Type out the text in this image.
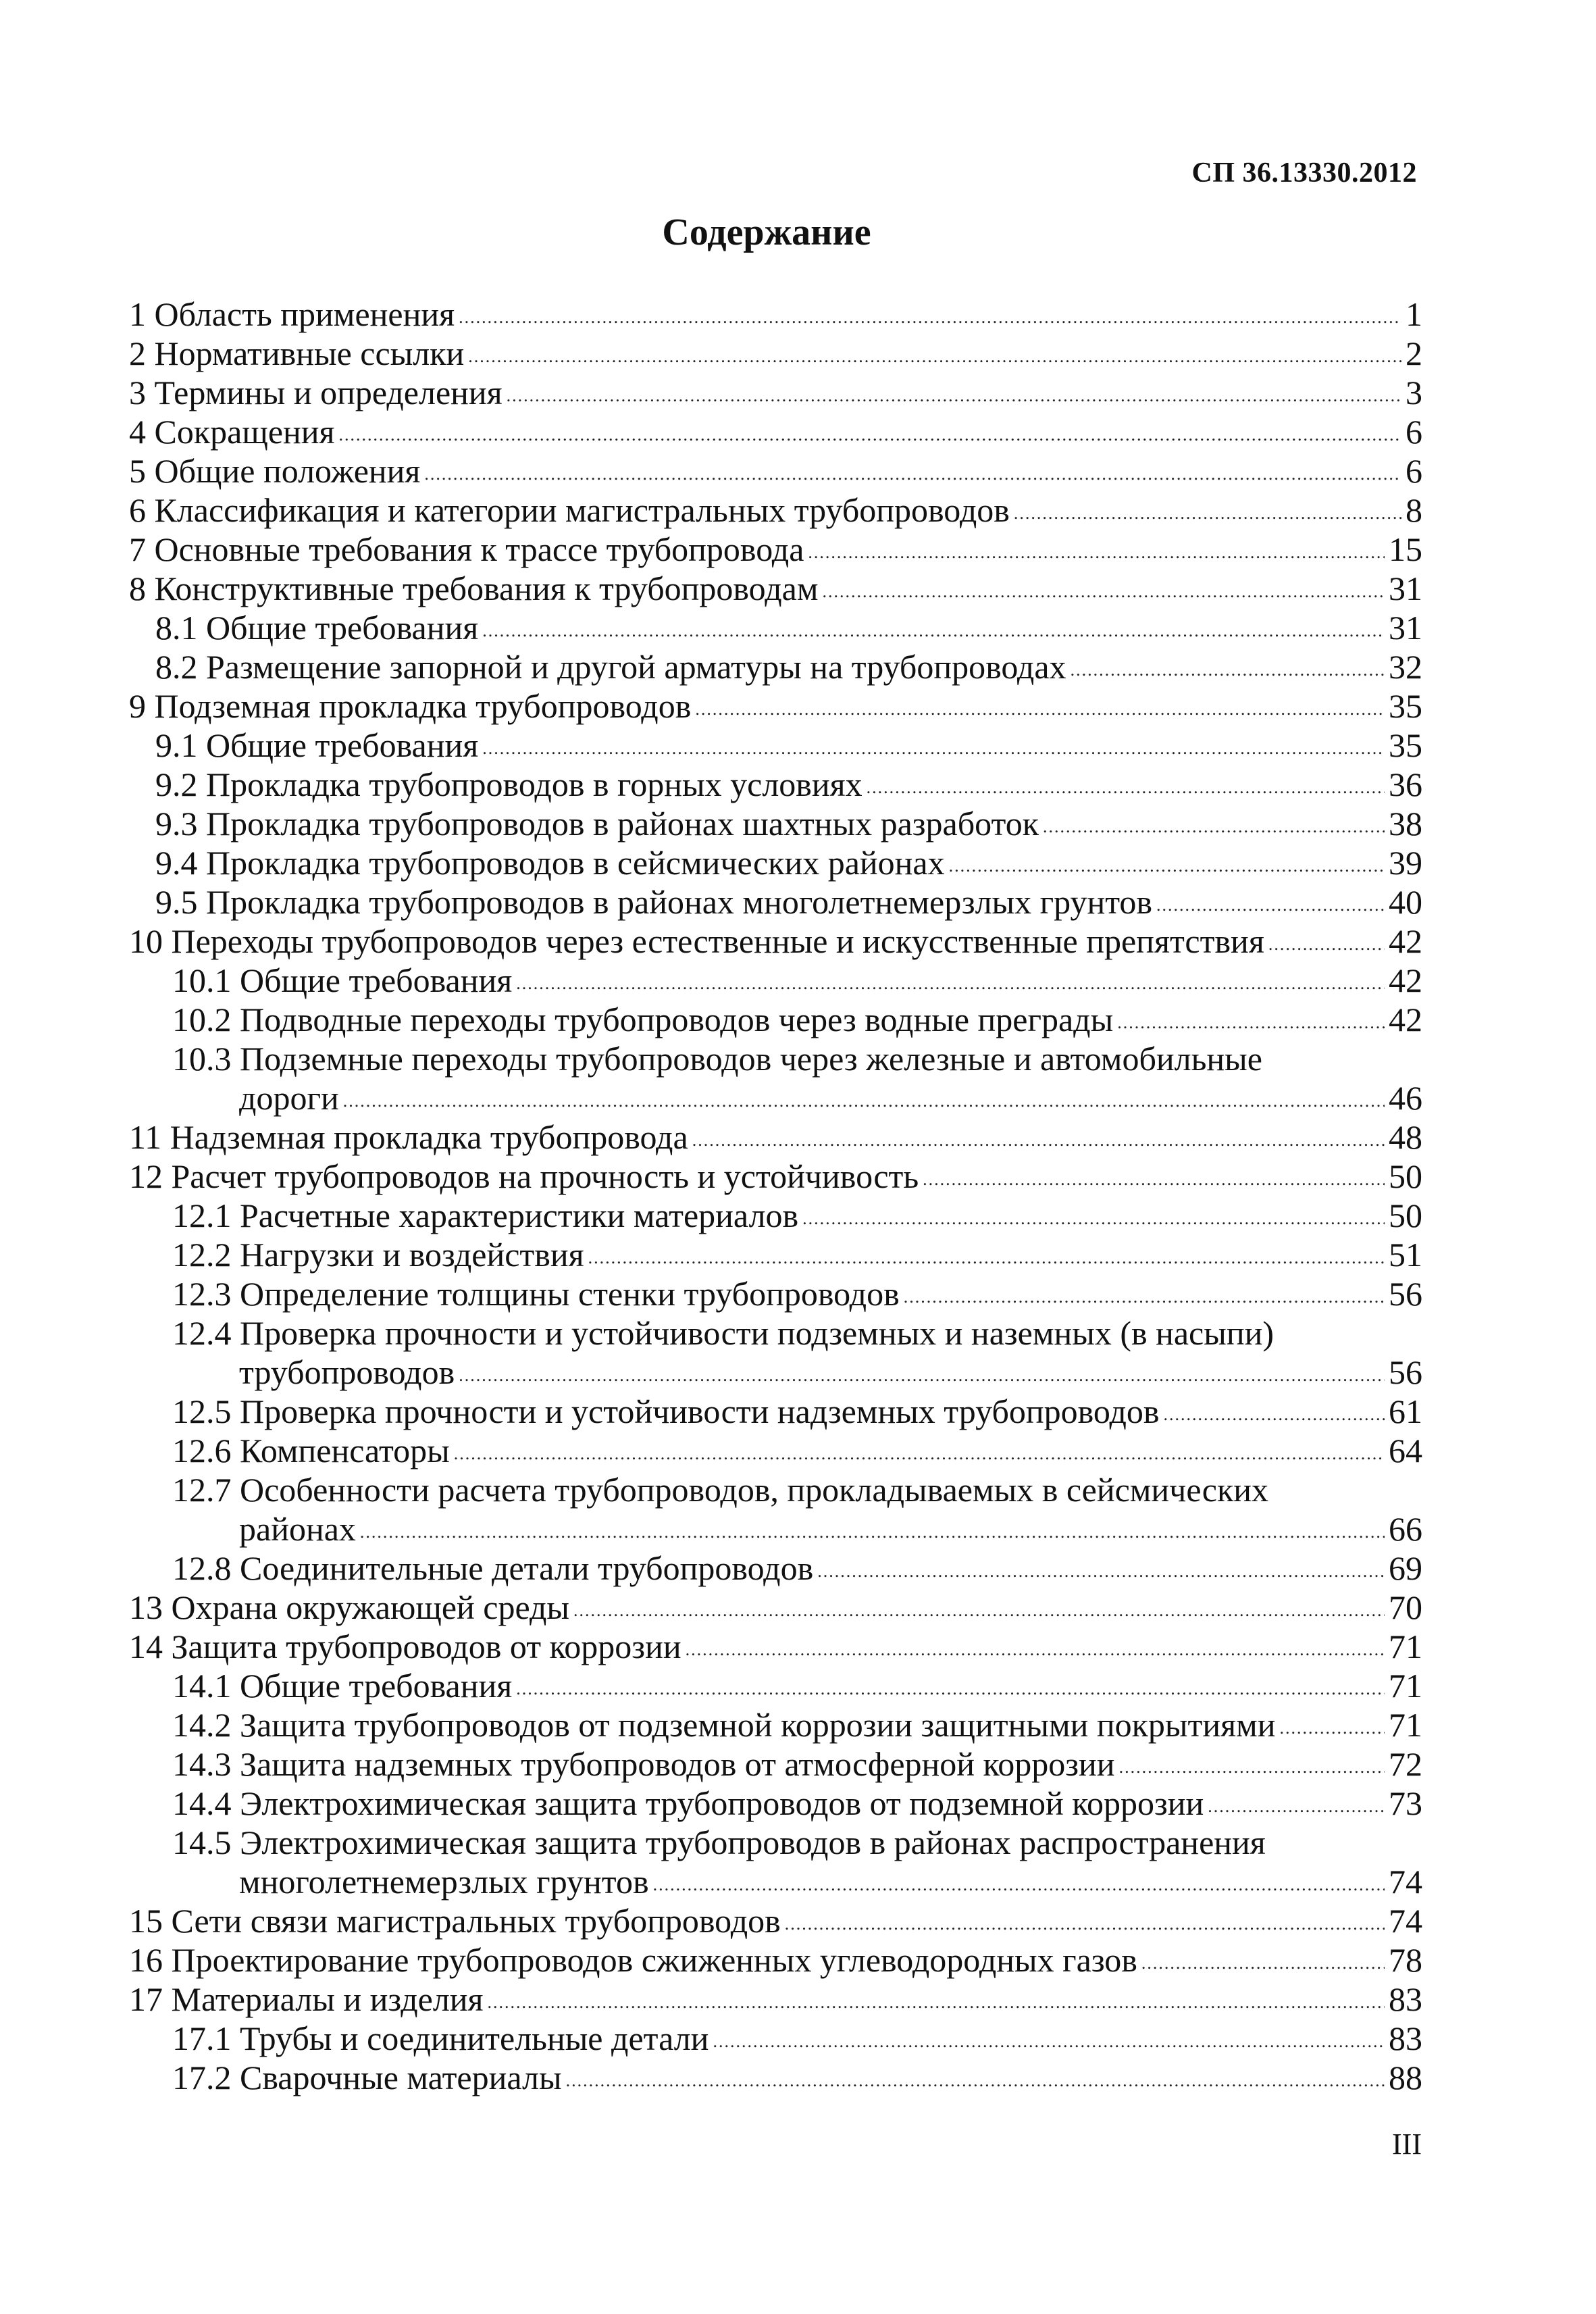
СП 36.13330.2012
Содержание
1 Область применения .....	1
2 Нормативные ссылки .....	2
3 Термины и определения .....	3
4 Сокращения .....	6
5 Общие положения .....	6
6 Классификация и категории магистральных трубопроводов .....	8
7 Основные требования к трассе трубопровода .....	15
8 Конструктивные требования к трубопроводам .....	31
8.1 Общие требования .....	31
8.2 Размещение запорной и другой арматуры на трубопроводах .....	32
9 Подземная прокладка трубопроводов .....	35
9.1 Общие требования .....	35
9.2 Прокладка трубопроводов в горных условиях .....	36
9.3 Прокладка трубопроводов в районах шахтных разработок .....	38
9.4 Прокладка трубопроводов в сейсмических районах .....	39
9.5 Прокладка трубопроводов в районах многолетнемерзлых грунтов .....	40
10 Переходы трубопроводов через естественные и искусственные препятствия .....	42
10.1 Общие требования .....	42
10.2 Подводные переходы трубопроводов через водные преграды .....	42
10.3 Подземные переходы трубопроводов через железные и автомобильные
дороги .....	46
11 Надземная прокладка трубопровода .....	48
12 Расчет трубопроводов на прочность и устойчивость .....	50
12.1 Расчетные характеристики материалов .....	50
12.2 Нагрузки и воздействия .....	51
12.3 Определение толщины стенки трубопроводов .....	56
12.4 Проверка прочности и устойчивости подземных и наземных (в насыпи)
трубопроводов .....	56
12.5 Проверка прочности и устойчивости надземных трубопроводов .....	61
12.6 Компенсаторы .....	64
12.7 Особенности расчета трубопроводов, прокладываемых в сейсмических
районах .....	66
12.8 Соединительные детали трубопроводов .....	69
13 Охрана окружающей среды .....	70
14 Защита трубопроводов от коррозии .....	71
14.1 Общие требования .....	71
14.2 Защита трубопроводов от подземной коррозии защитными покрытиями .....	71
14.3 Защита надземных трубопроводов от атмосферной коррозии .....	72
14.4 Электрохимическая защита трубопроводов от подземной коррозии .....	73
14.5 Электрохимическая защита трубопроводов в районах распространения
многолетнемерзлых грунтов .....	74
15 Сети связи магистральных трубопроводов .....	74
16 Проектирование трубопроводов сжиженных углеводородных газов .....	78
17 Материалы и изделия .....	83
17.1 Трубы и соединительные детали .....	83
17.2 Сварочные материалы .....	88
III
